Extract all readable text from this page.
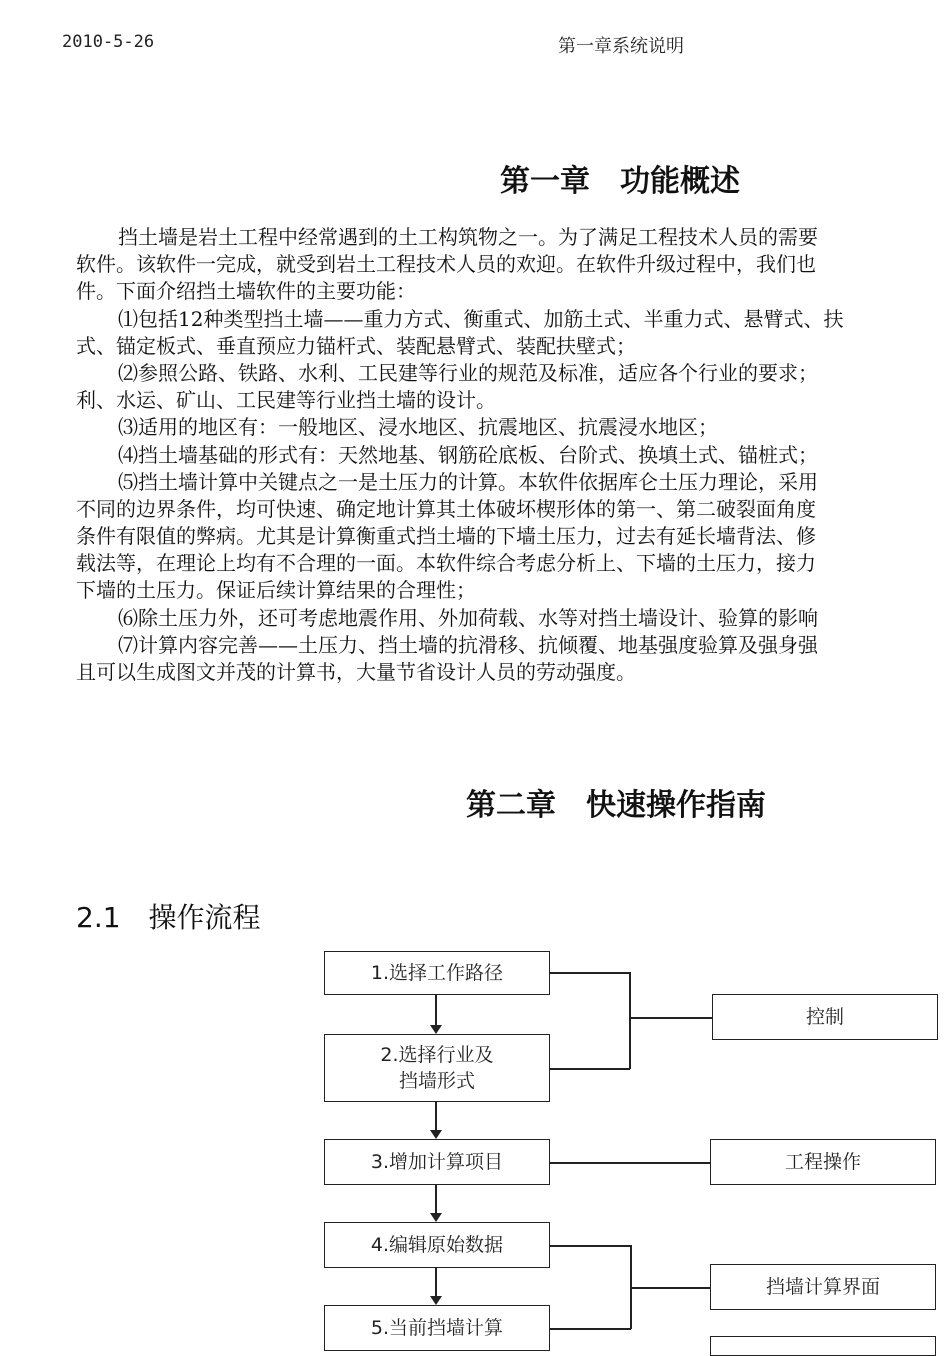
2010-5-26	第一章系统说明
第一章　功能概述
挡土墙是岩土工程中经常遇到的土工构筑物之一。为了满足工程技术人员的需要
软件。该软件一完成，就受到岩土工程技术人员的欢迎。在软件升级过程中，我们也
件。下面介绍挡土墙软件的主要功能：
⑴包括12种类型挡土墙——重力方式、衡重式、加筋土式、半重力式、悬臂式、扶
式、锚定板式、垂直预应力锚杆式、装配悬臂式、装配扶壁式；
⑵参照公路、铁路、水利、工民建等行业的规范及标准，适应各个行业的要求；
利、水运、矿山、工民建等行业挡土墙的设计。
⑶适用的地区有：一般地区、浸水地区、抗震地区、抗震浸水地区；
⑷挡土墙基础的形式有：天然地基、钢筋砼底板、台阶式、换填土式、锚桩式；
⑸挡土墙计算中关键点之一是土压力的计算。本软件依据库仑土压力理论，采用
不同的边界条件，均可快速、确定地计算其土体破坏楔形体的第一、第二破裂面角度
条件有限值的弊病。尤其是计算衡重式挡土墙的下墙土压力，过去有延长墙背法、修
载法等，在理论上均有不合理的一面。本软件综合考虑分析上、下墙的土压力，接力
下墙的土压力。保证后续计算结果的合理性；
⑹除土压力外，还可考虑地震作用、外加荷载、水等对挡土墙设计、验算的影响
⑺计算内容完善——土压力、挡土墙的抗滑移、抗倾覆、地基强度验算及强身强
且可以生成图文并茂的计算书，大量节省设计人员的劳动强度。
第二章　快速操作指南
2.1　操作流程
1.选择工作路径
2.选择行业及
挡墙形式
3.增加计算项目
4.编辑原始数据
5.当前挡墙计算
控制
工程操作
挡墙计算界面
